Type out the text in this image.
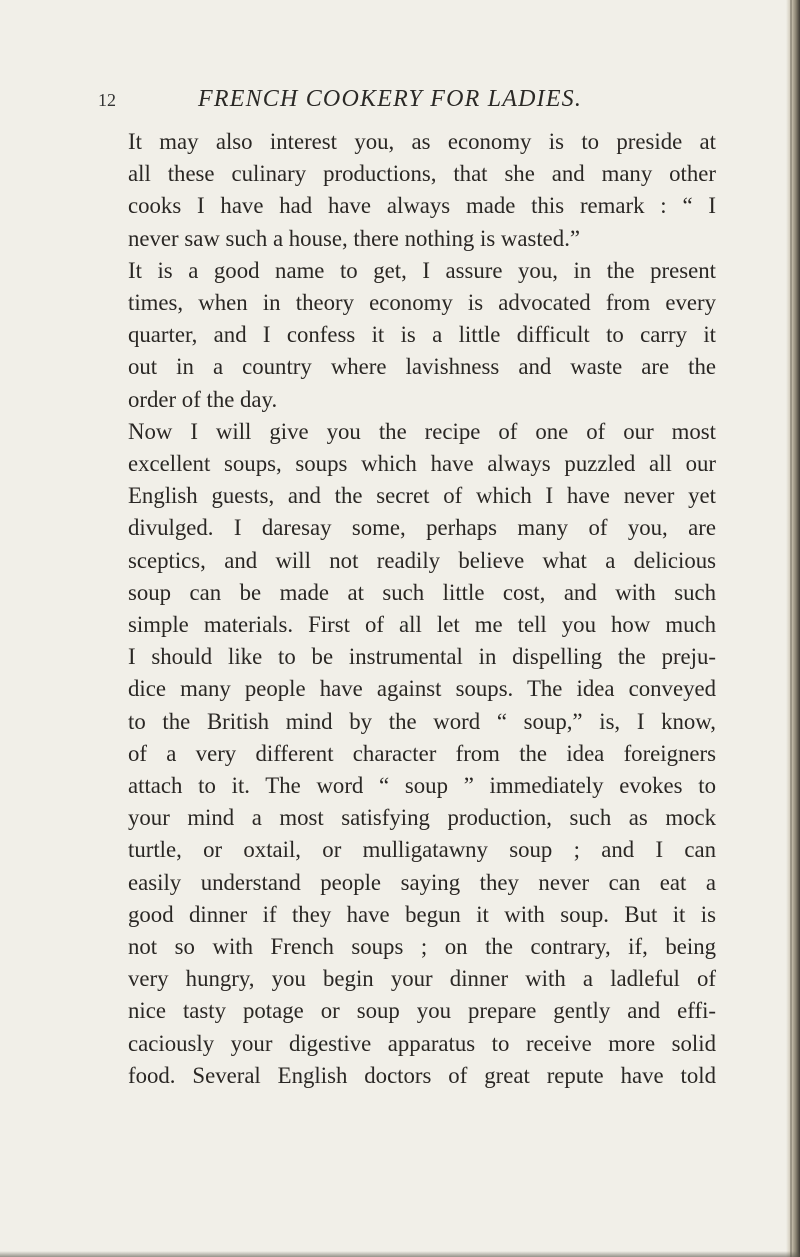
12	FRENCH COOKERY FOR LADIES.

It may also interest you, as economy is to preside at
all these culinary productions, that she and many other
cooks I have had have always made this remark : “ I
never saw such a house, there nothing is wasted.”

It is a good name to get, I assure you, in the present
times, when in theory economy is advocated from every
quarter, and I confess it is a little difficult to carry it
out in a country where lavishness and waste are the
order of the day.

Now I will give you the recipe of one of our most
excellent soups, soups which have always puzzled all our
English guests, and the secret of which I have never yet
divulged. I daresay some, perhaps many of you, are
sceptics, and will not readily believe what a delicious
soup can be made at such little cost, and with such
simple materials. First of all let me tell you how much
I should like to be instrumental in dispelling the preju-
dice many people have against soups. The idea conveyed
to the British mind by the word “ soup,” is, I know,
of a very different character from the idea foreigners
attach to it. The word “ soup ” immediately evokes to
your mind a most satisfying production, such as mock
turtle, or oxtail, or mulligatawny soup ; and I can
easily understand people saying they never can eat a
good dinner if they have begun it with soup. But it is
not so with French soups ; on the contrary, if, being
very hungry, you begin your dinner with a ladleful of
nice tasty potage or soup you prepare gently and effi-
caciously your digestive apparatus to receive more solid
food. Several English doctors of great repute have told
